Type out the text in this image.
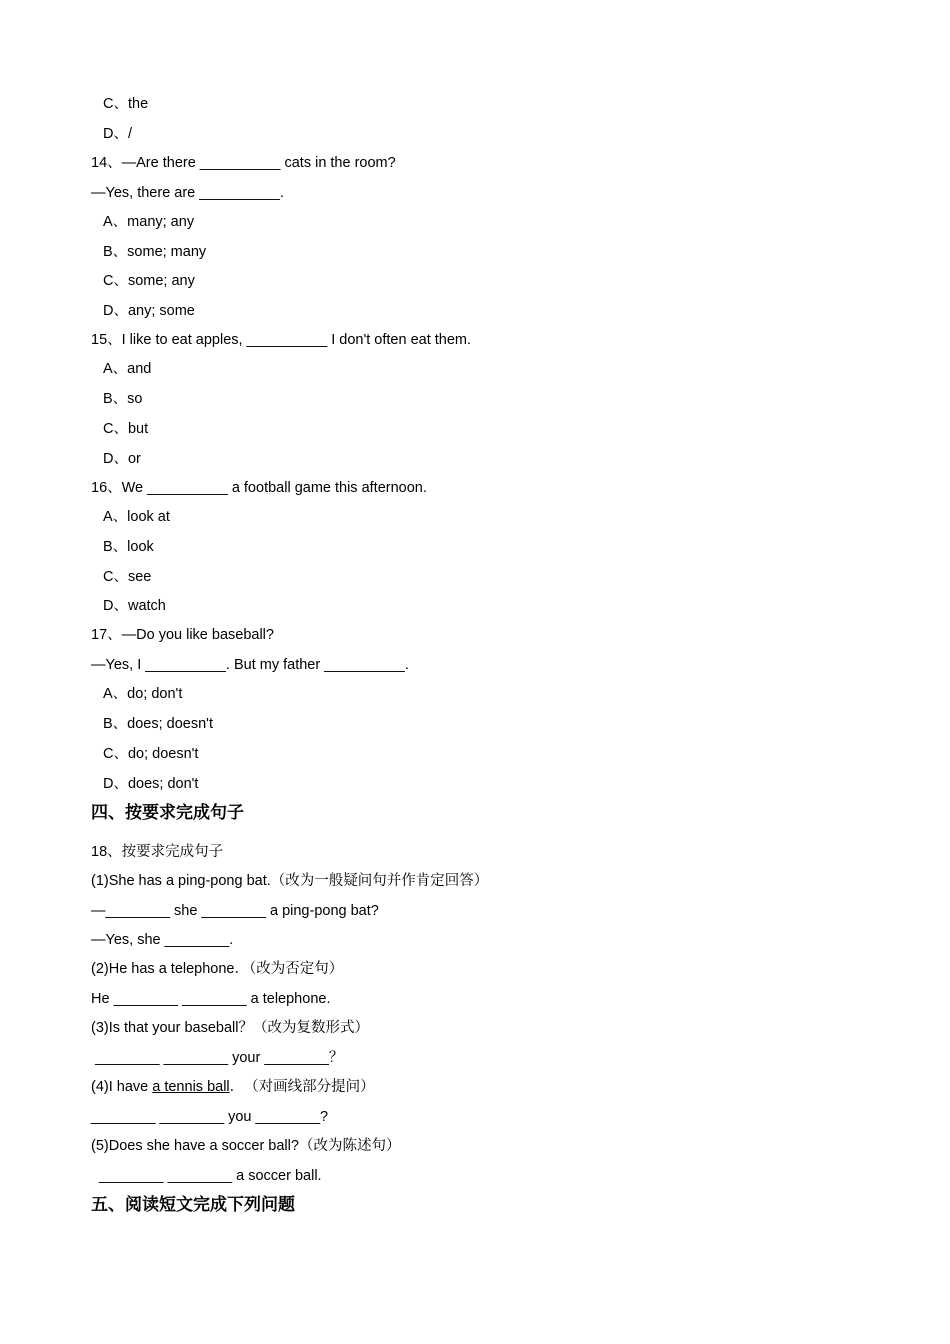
C、the
D、/
14、—Are there __________ cats in the room?
—Yes, there are __________.
A、many; any
B、some; many
C、some; any
D、any; some
15、I like to eat apples, __________ I don't often eat them.
A、and
B、so
C、but
D、or
16、We __________ a football game this afternoon.
A、look at
B、look
C、see
D、watch
17、—Do you like baseball?
—Yes, I __________. But my father __________.
A、do; don't
B、does; doesn't
C、do; doesn't
D、does; don't
四、按要求完成句子
18、按要求完成句子
(1)She has a ping-pong bat.（改为一般疑问句并作肯定回答）
—________ she ________ a ping-pong bat?
—Yes, she ________.
(2)He has a telephone．（改为否定句）
He ________ ________ a telephone.
(3)Is that your baseball？（改为复数形式）
________ ________ your ________？
(4)I have a tennis ball．　（对画线部分提问）
________ ________ you ________?
(5)Does she have a soccer ball?（改为陈述句）
________ ________ a soccer ball.
五、阅读短文完成下列问题
